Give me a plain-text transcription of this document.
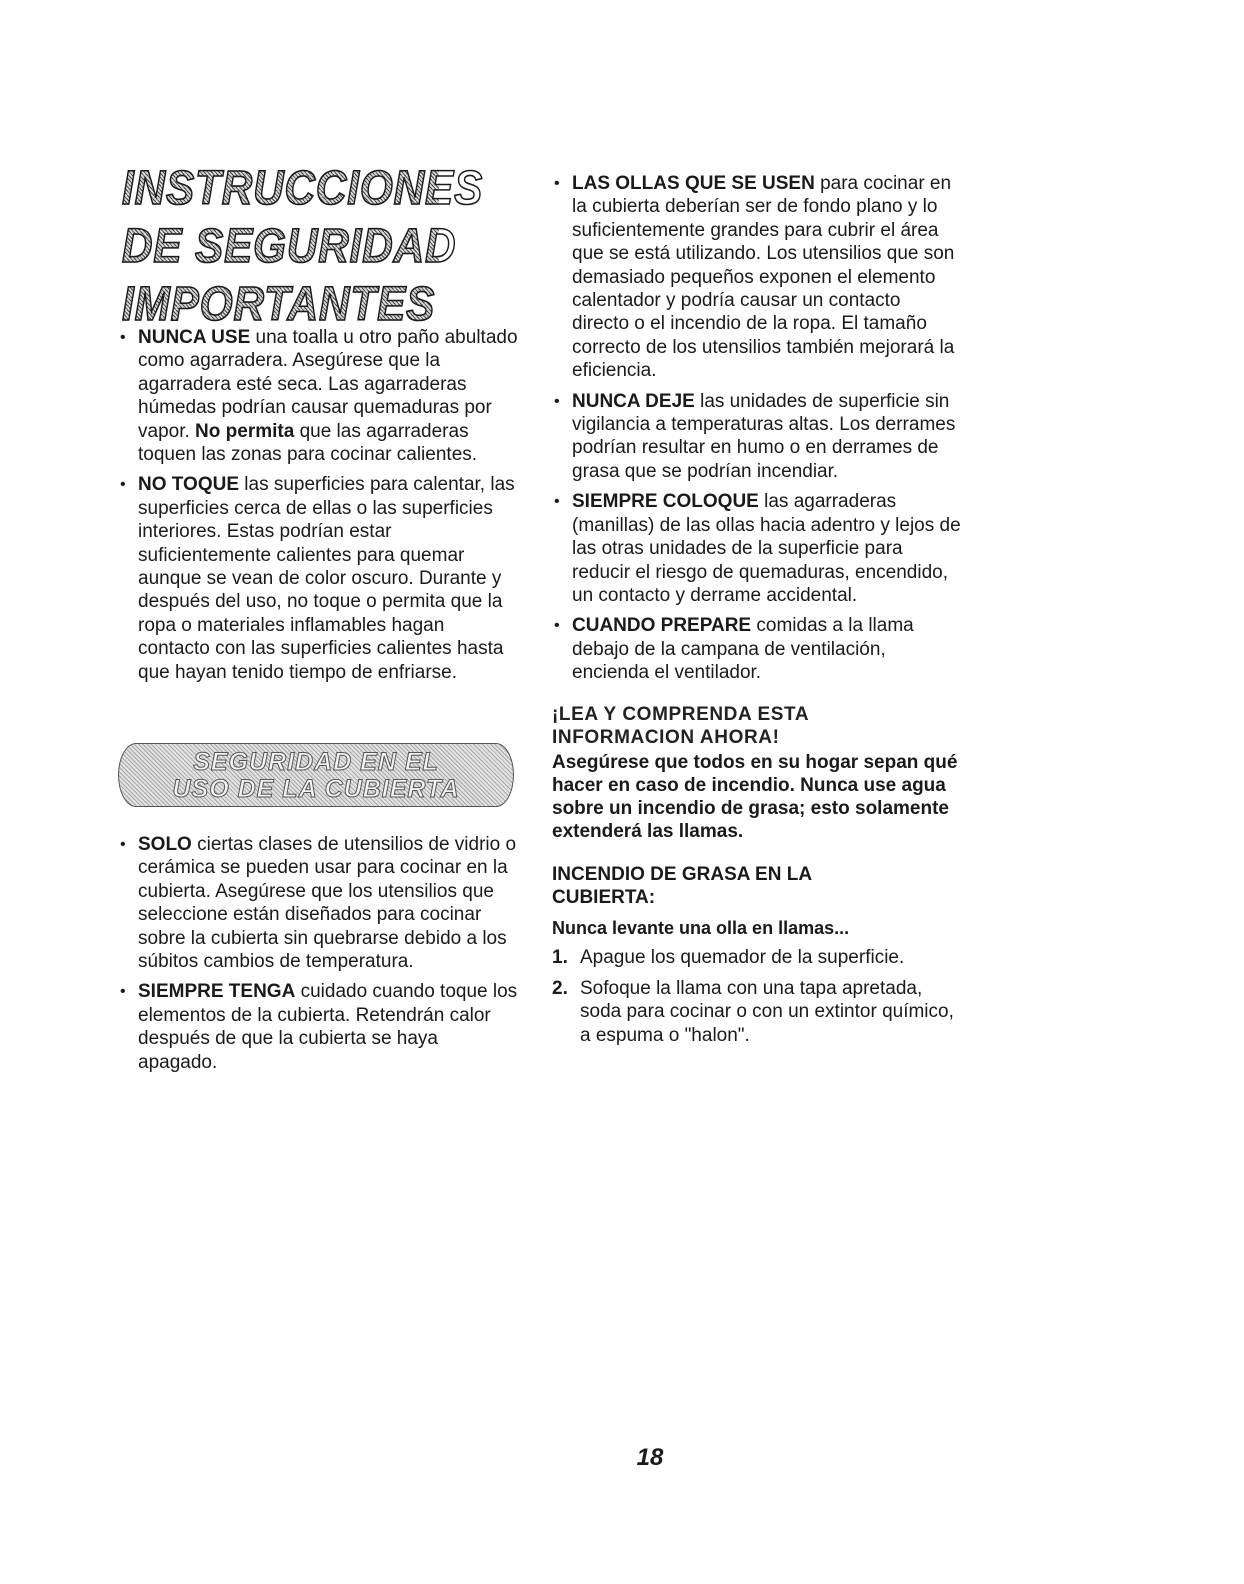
INSTRUCCIONES
DE SEGURIDAD
IMPORTANTES
• NUNCA USE una toalla u otro paño abultado como agarradera. Asegúrese que la agarradera esté seca. Las agarraderas húmedas podrían causar quemaduras por vapor. No permita que las agarraderas toquen las zonas para cocinar calientes.
• NO TOQUE las superficies para calentar, las superficies cerca de ellas o las superficies interiores. Estas podrían estar suficientemente calientes para quemar aunque se vean de color oscuro. Durante y después del uso, no toque o permita que la ropa o materiales inflamables hagan contacto con las superficies calientes hasta que hayan tenido tiempo de enfriarse.
SEGURIDAD EN EL
USO DE LA CUBIERTA
• SOLO ciertas clases de utensilios de vidrio o cerámica se pueden usar para cocinar en la cubierta. Asegúrese que los utensilios que seleccione están diseñados para cocinar sobre la cubierta sin quebrarse debido a los súbitos cambios de temperatura.
• SIEMPRE TENGA cuidado cuando toque los elementos de la cubierta. Retendrán calor después de que la cubierta se haya apagado.
• LAS OLLAS QUE SE USEN para cocinar en la cubierta deberían ser de fondo plano y lo suficientemente grandes para cubrir el área que se está utilizando. Los utensilios que son demasiado pequeños exponen el elemento calentador y podría causar un contacto directo o el incendio de la ropa. El tamaño correcto de los utensilios también mejorará la eficiencia.
• NUNCA DEJE las unidades de superficie sin vigilancia a temperaturas altas. Los derrames podrían resultar en humo o en derrames de grasa que se podrían incendiar.
• SIEMPRE COLOQUE las agarraderas (manillas) de las ollas hacia adentro y lejos de las otras unidades de la superficie para reducir el riesgo de quemaduras, encendido, un contacto y derrame accidental.
• CUANDO PREPARE comidas a la llama debajo de la campana de ventilación, encienda el ventilador.
¡LEA Y COMPRENDA ESTA
INFORMACION AHORA!

Asegúrese que todos en su hogar sepan qué hacer en caso de incendio. Nunca use agua sobre un incendio de grasa; esto solamente extenderá las llamas.

INCENDIO DE GRASA EN LA
CUBIERTA:

Nunca levante una olla en llamas...

1. Apague los quemador de la superficie.
2. Sofoque la llama con una tapa apretada, soda para cocinar o con un extintor químico, a espuma o "halon".
18
